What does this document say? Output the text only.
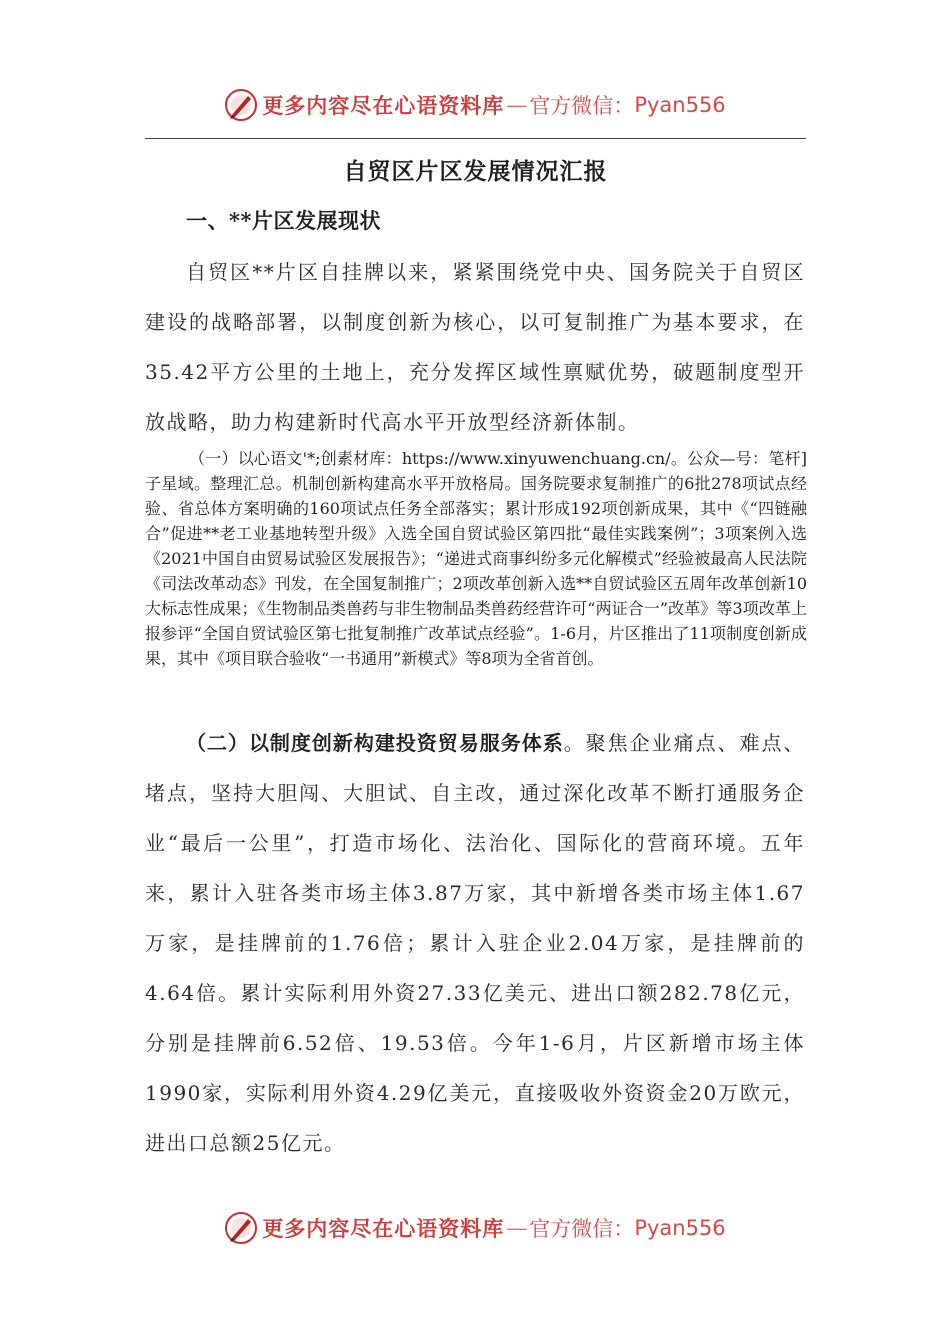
更多内容尽在心语资料库 — 官方微信： Pyan556
自贸区片区发展情况汇报
一、**片区发展现状

自贸区**片区自挂牌以来，紧紧围绕党中央、国务院关于自贸区建设的战略部署，以制度创新为核心，以可复制推广为基本要求，在35.42平方公里的土地上，充分发挥区域性禀赋优势，破题制度型开放战略，助力构建新时代高水平开放型经济新体制。

（一）以心语文'*;创素材库：https://www.xinyuwenchuang.cn/。公众—号：笔杆]子星域。整理汇总。机制创新构建高水平开放格局。国务院要求复制推广的6批278项试点经验、省总体方案明确的160项试点任务全部落实；累计形成192项创新成果，其中《“四链融合”促进**老工业基地转型升级》入选全国自贸试验区第四批“最佳实践案例”；3项案例入选《2021中国自由贸易试验区发展报告》；“递进式商事纠纷多元化解模式”经验被最高人民法院《司法改革动态》刊发，在全国复制推广；2项改革创新入选**自贸试验区五周年改革创新10大标志性成果；《生物制品类兽药与非生物制品类兽药经营许可“两证合一”改革》等3项改革上报参评“全国自贸试验区第七批复制推广改革试点经验”。1-6月，片区推出了11项制度创新成果，其中《项目联合验收“一书通用”新模式》等8项为全省首创。

（二）以制度创新构建投资贸易服务体系。聚焦企业痛点、难点、堵点，坚持大胆闯、大胆试、自主改，通过深化改革不断打通服务企业“最后一公里”，打造市场化、法治化、国际化的营商环境。五年来，累计入驻各类市场主体3.87万家，其中新增各类市场主体1.67万家，是挂牌前的1.76倍；累计入驻企业2.04万家，是挂牌前的4.64倍。累计实际利用外资27.33亿美元、进出口额282.78亿元，分别是挂牌前6.52倍、19.53倍。今年1-6月，片区新增市场主体1990家，实际利用外资4.29亿美元，直接吸收外资资金20万欧元，进出口总额25亿元。

更多内容尽在心语资料库 — 官方微信： Pyan556
